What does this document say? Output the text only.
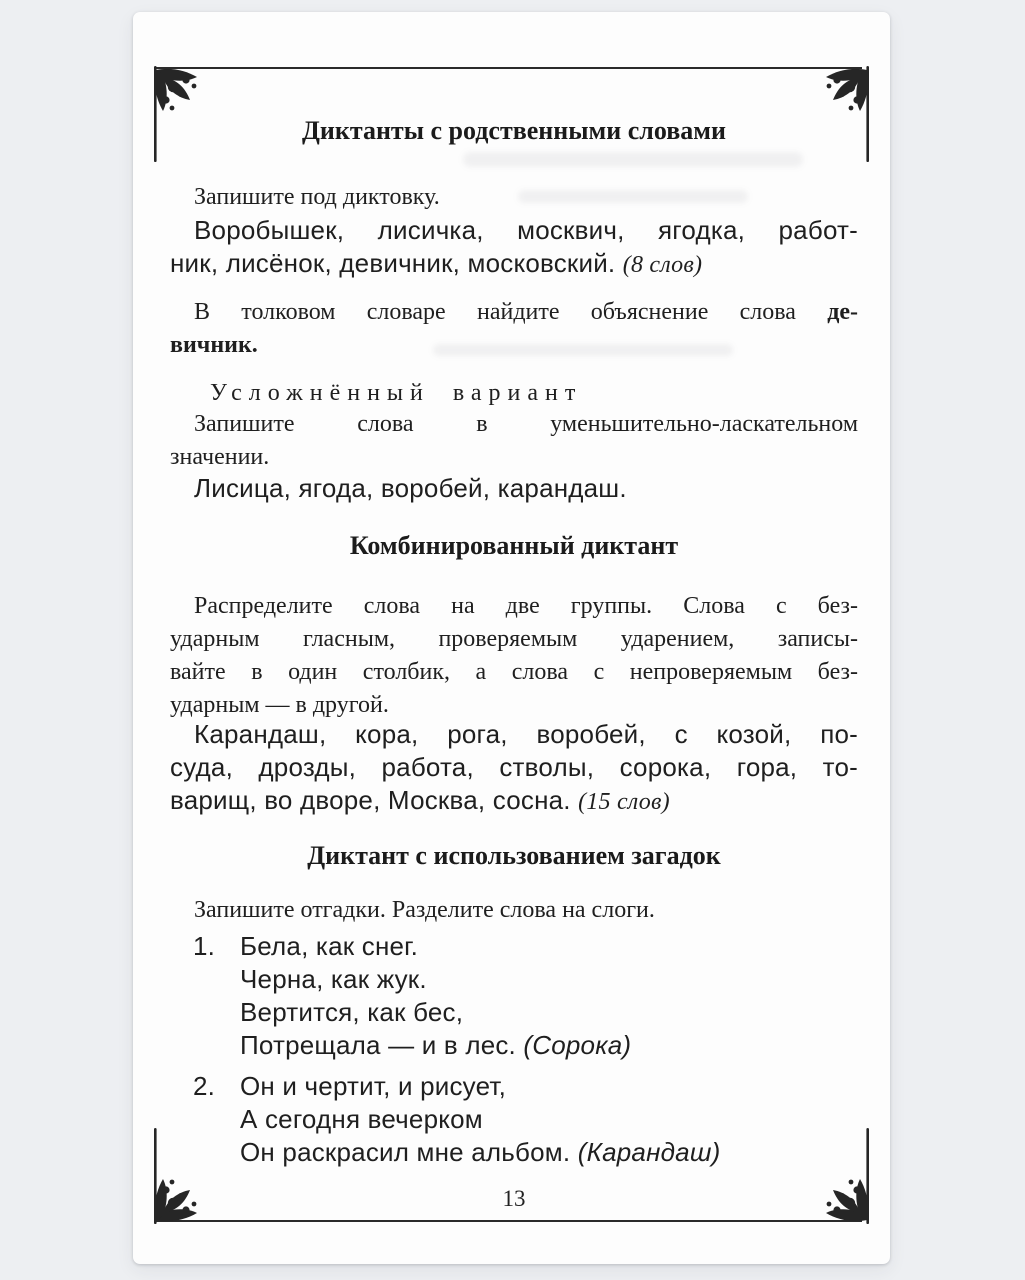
Диктанты с родственными словами

Запишите под диктовку.

Воробышек, лисичка, москвич, ягодка, работ-
ник, лисёнок, девичник, московский. (8 слов)
В толковом словаре найдите объяснение слова де-
вичник.
Усложнённый вариант
Запишите слова в уменьшительно-ласкательном
значении.

Лисица, ягода, воробей, карандаш.

Комбинированный диктант
Распределите слова на две группы. Слова с без-
ударным гласным, проверяемым ударением, записы-
вайте в один столбик, а слова с непроверяемым без-
ударным — в другой.
Карандаш, кора, рога, воробей, с козой, по-
суда, дрозды, работа, стволы, сорока, гора, то-
варищ, во дворе, Москва, сосна. (15 слов)
Диктант с использованием загадок

Запишите отгадки. Разделите слова на слоги.

1. Бела, как снег.
Черна, как жук.
Вертится, как бес,
Потрещала — и в лес. (Сорока)
2. Он и чертит, и рисует,
А сегодня вечерком
Он раскрасил мне альбом. (Карандаш)
13
